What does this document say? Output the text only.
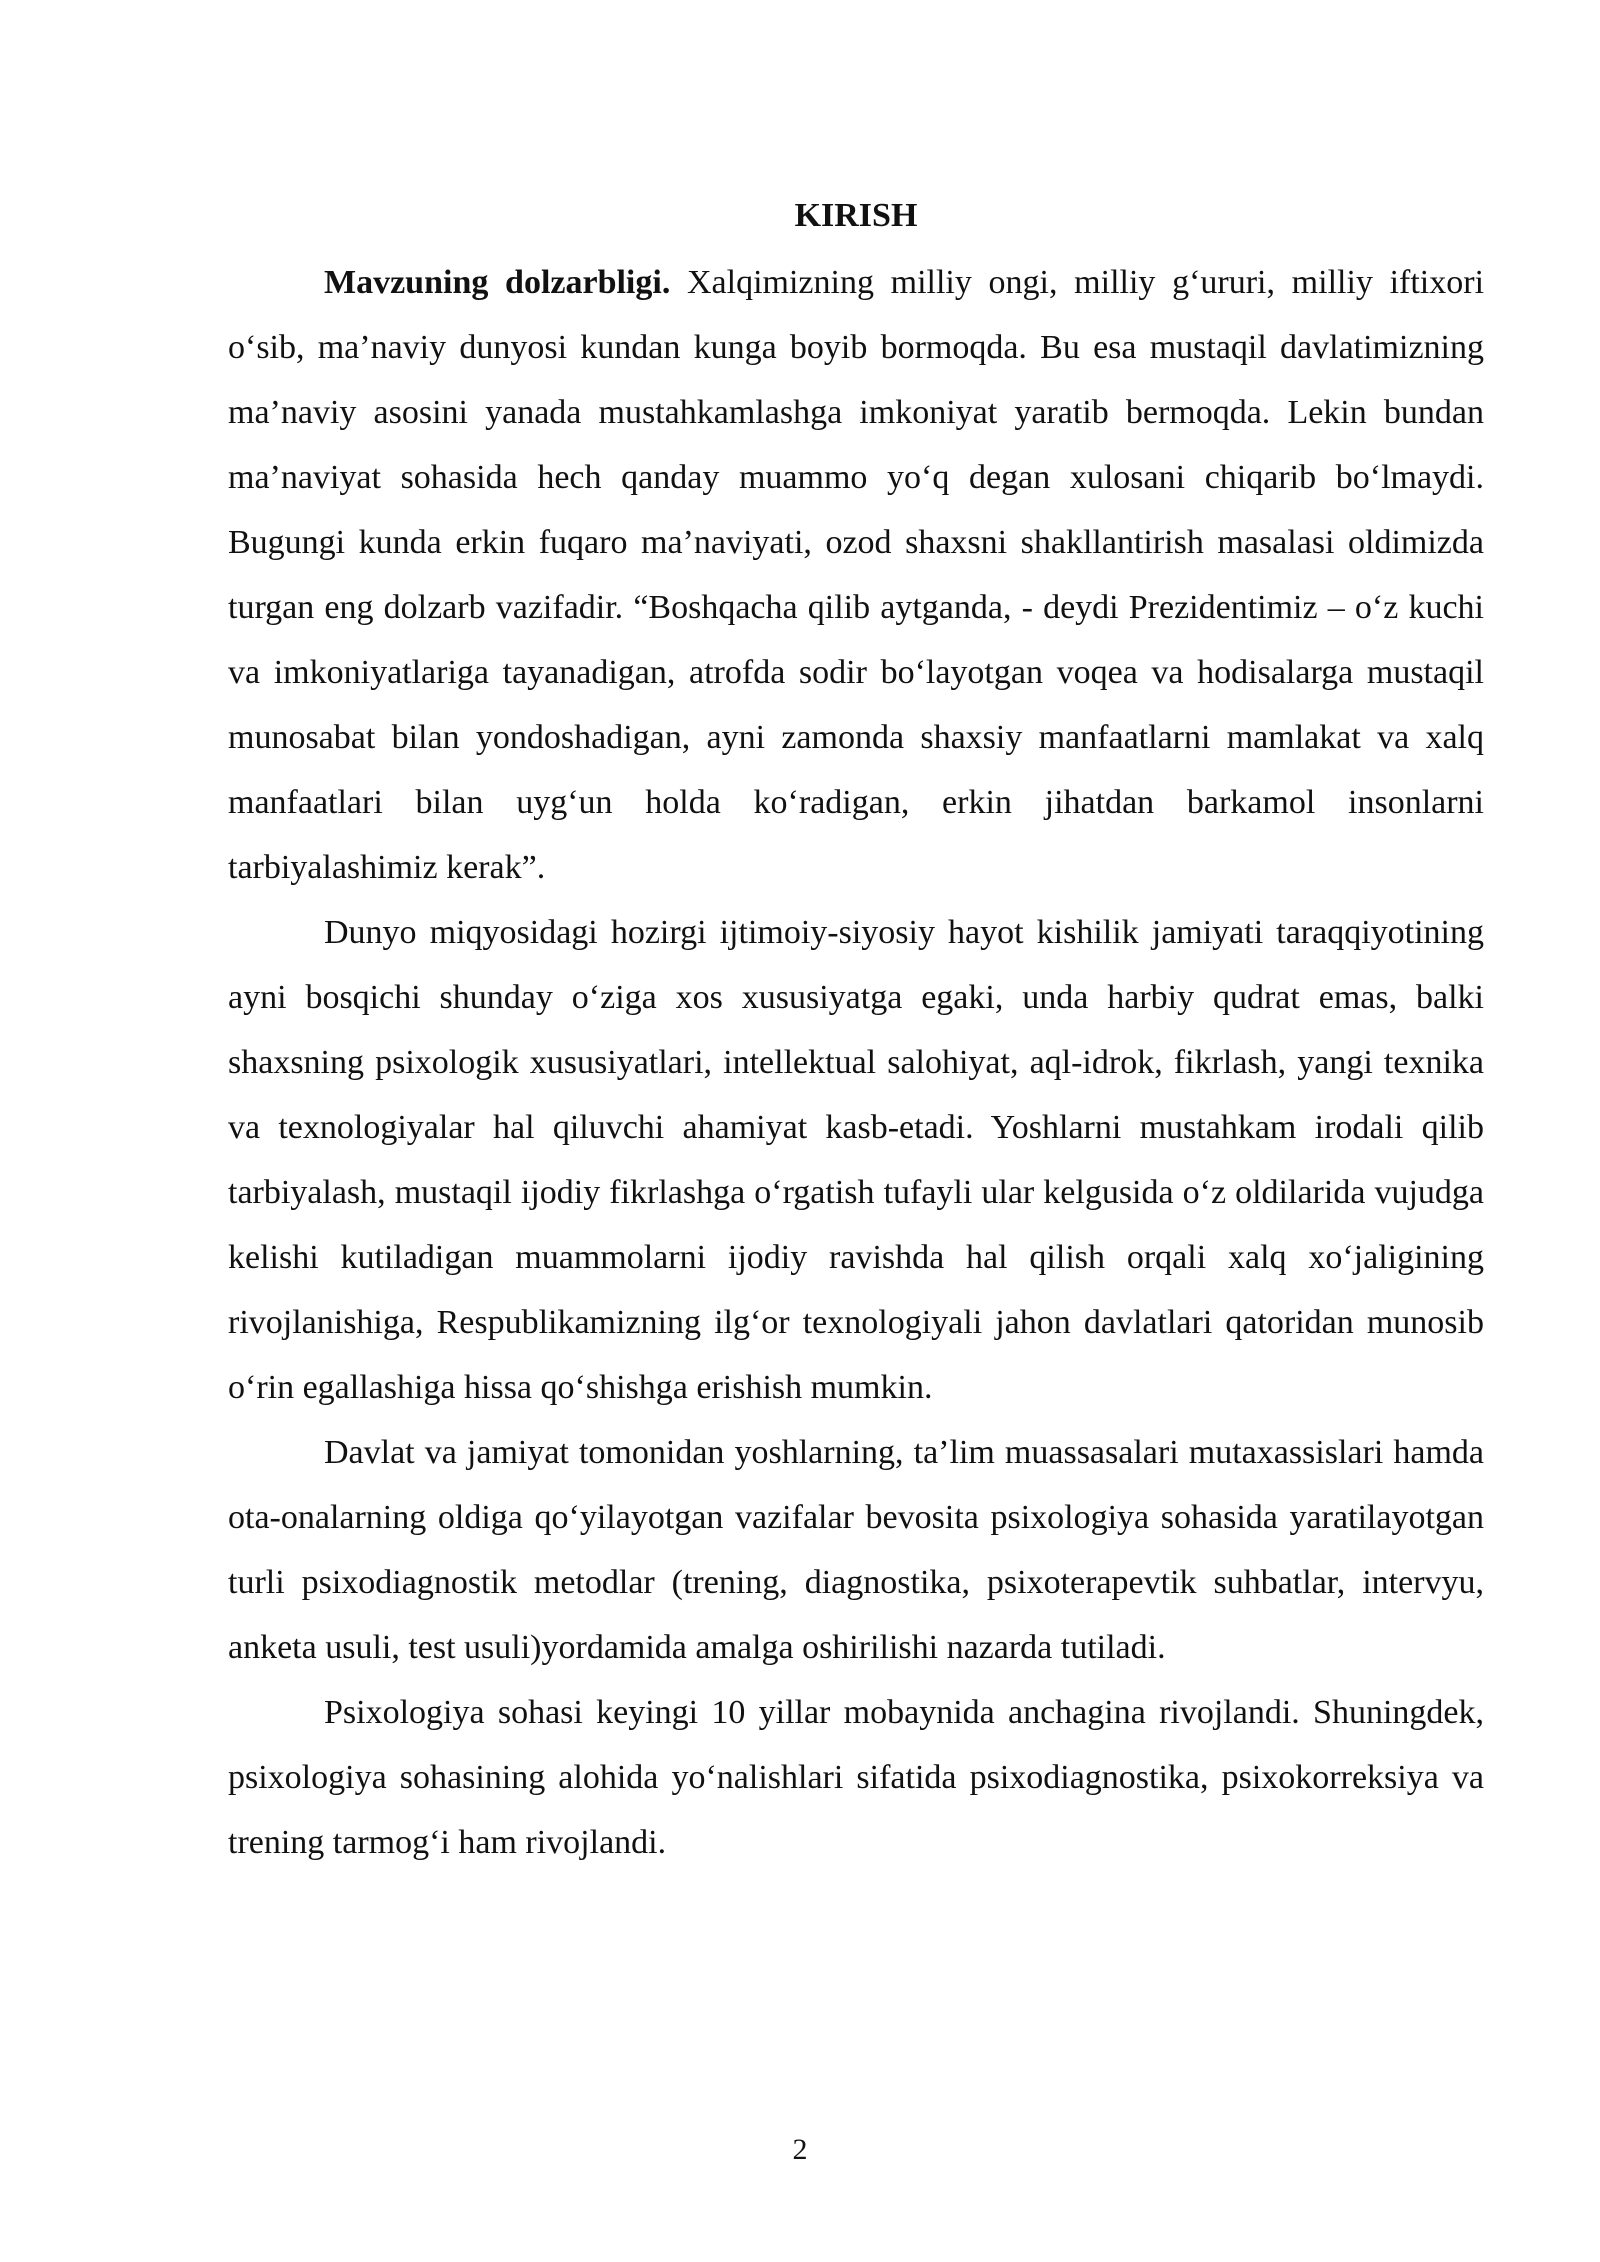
KIRISH

Mavzuning dolzarbligi. Xalqimizning milliy ongi, milliy g‘ururi, milliy iftixori o‘sib, ma’naviy dunyosi kundan kunga boyib bormoqda. Bu esa mustaqil davlatimizning ma’naviy asosini yanada mustahkamlashga imkoniyat yaratib bermoqda. Lekin bundan ma’naviyat sohasida hech qanday muammo yo‘q degan xulosani chiqarib bo‘lmaydi. Bugungi kunda erkin fuqaro ma’naviyati, ozod shaxsni shakllantirish masalasi oldimizda turgan eng dolzarb vazifadir. “Boshqacha qilib aytganda, - deydi Prezidentimiz – o‘z kuchi va imkoniyatlariga tayanadigan, atrofda sodir bo‘layotgan voqea va hodisalarga mustaqil munosabat bilan yondoshadigan, ayni zamonda shaxsiy manfaatlarni mamlakat va xalq manfaatlari bilan uyg‘un holda ko‘radigan, erkin jihatdan barkamol insonlarni tarbiyalashimiz kerak”.

Dunyo miqyosidagi hozirgi ijtimoiy-siyosiy hayot kishilik jamiyati taraqqiyotining ayni bosqichi shunday o‘ziga xos xususiyatga egaki, unda harbiy qudrat emas, balki shaxsning psixologik xususiyatlari, intellektual salohiyat, aql-idrok, fikrlash, yangi texnika va texnologiyalar hal qiluvchi ahamiyat kasb-etadi. Yoshlarni mustahkam irodali qilib tarbiyalash, mustaqil ijodiy fikrlashga o‘rgatish tufayli ular kelgusida o‘z oldilarida vujudga kelishi kutiladigan muammolarni ijodiy ravishda hal qilish orqali xalq xo‘jaligining rivojlanishiga, Respublikamizning ilg‘or texnologiyali jahon davlatlari qatoridan munosib o‘rin egallashiga hissa qo‘shishga erishish mumkin.

Davlat va jamiyat tomonidan yoshlarning, ta’lim muassasalari mutaxassislari hamda ota-onalarning oldiga qo‘yilayotgan vazifalar bevosita psixologiya sohasida yaratilayotgan turli psixodiagnostik metodlar (trening, diagnostika, psixoterapevtik suhbatlar, intervyu, anketa usuli, test usuli)yordamida amalga oshirilishi nazarda tutiladi.

Psixologiya sohasi keyingi 10 yillar mobaynida anchagina rivojlandi. Shuningdek, psixologiya sohasining alohida yo‘nalishlari sifatida psixodiagnostika, psixokorreksiya va trening tarmog‘i ham rivojlandi.

2
